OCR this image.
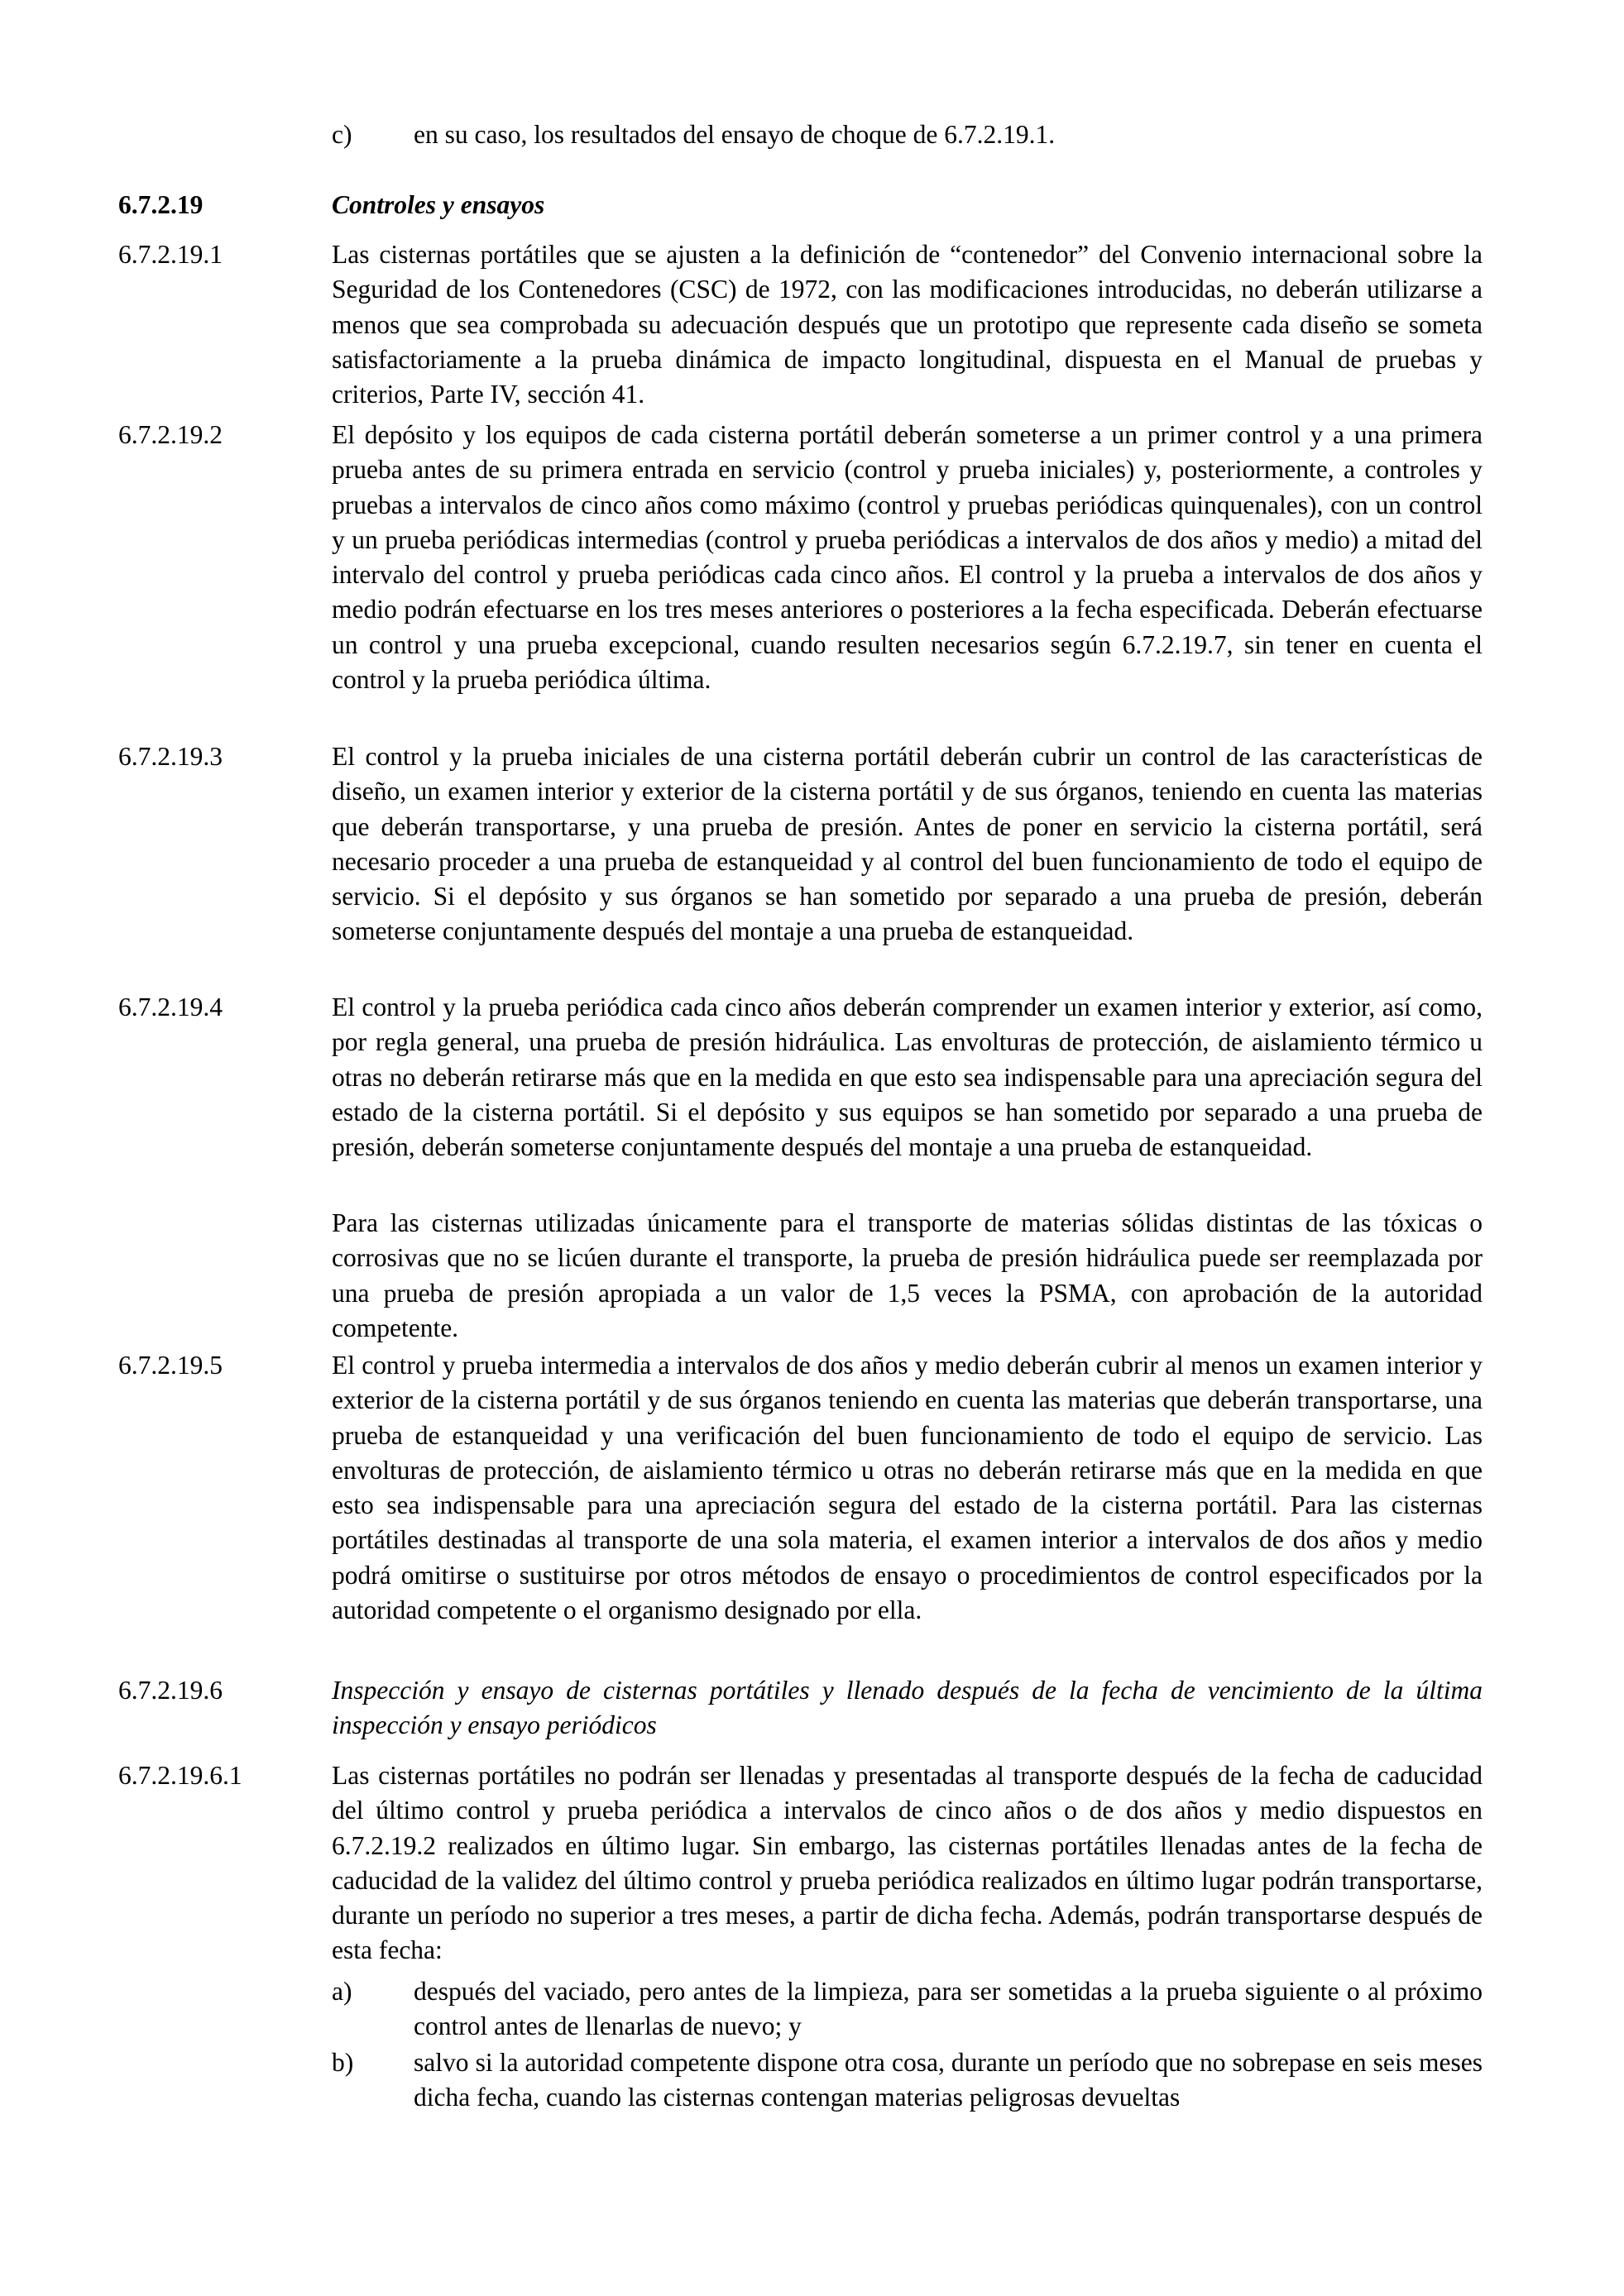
c)	en su caso, los resultados del ensayo de choque de 6.7.2.19.1.
6.7.2.19	Controles y ensayos
6.7.2.19.1	Las cisternas portátiles que se ajusten a la definición de “contenedor” del Convenio internacional sobre la Seguridad de los Contenedores (CSC) de 1972, con las modificaciones introducidas, no deberán utilizarse a menos que sea comprobada su adecuación después que un prototipo que represente cada diseño se someta satisfactoriamente a la prueba dinámica de impacto longitudinal, dispuesta en el Manual de pruebas y criterios, Parte IV, sección 41.
6.7.2.19.2	El depósito y los equipos de cada cisterna portátil deberán someterse a un primer control y a una primera prueba antes de su primera entrada en servicio (control y prueba iniciales) y, posteriormente, a controles y pruebas a intervalos de cinco años como máximo (control y pruebas periódicas quinquenales), con un control y un prueba periódicas intermedias (control y prueba periódicas a intervalos de dos años y medio) a mitad del intervalo del control y prueba periódicas cada cinco años. El control y la prueba a intervalos de dos años y medio podrán efectuarse en los tres meses anteriores o posteriores a la fecha especificada. Deberán efectuarse un control y una prueba excepcional, cuando resulten necesarios según 6.7.2.19.7, sin tener en cuenta el control y la prueba periódica última.
6.7.2.19.3	El control y la prueba iniciales de una cisterna portátil deberán cubrir un control de las características de diseño, un examen interior y exterior de la cisterna portátil y de sus órganos, teniendo en cuenta las materias que deberán transportarse, y una prueba de presión. Antes de poner en servicio la cisterna portátil, será necesario proceder a una prueba de estanqueidad y al control del buen funcionamiento de todo el equipo de servicio. Si el depósito y sus órganos se han sometido por separado a una prueba de presión, deberán someterse conjuntamente después del montaje a una prueba de estanqueidad.
6.7.2.19.4	El control y la prueba periódica cada cinco años deberán comprender un examen interior y exterior, así como, por regla general, una prueba de presión hidráulica. Las envolturas de protección, de aislamiento térmico u otras no deberán retirarse más que en la medida en que esto sea indispensable para una apreciación segura del estado de la cisterna portátil. Si el depósito y sus equipos se han sometido por separado a una prueba de presión, deberán someterse conjuntamente después del montaje a una prueba de estanqueidad.
Para las cisternas utilizadas únicamente para el transporte de materias sólidas distintas de las tóxicas o corrosivas que no se licúen durante el transporte, la prueba de presión hidráulica puede ser reemplazada por una prueba de presión apropiada a un valor de 1,5 veces la PSMA, con aprobación de la autoridad competente.
6.7.2.19.5	El control y prueba intermedia a intervalos de dos años y medio deberán cubrir al menos un examen interior y exterior de la cisterna portátil y de sus órganos teniendo en cuenta las materias que deberán transportarse, una prueba de estanqueidad y una verificación del buen funcionamiento de todo el equipo de servicio. Las envolturas de protección, de aislamiento térmico u otras no deberán retirarse más que en la medida en que esto sea indispensable para una apreciación segura del estado de la cisterna portátil. Para las cisternas portátiles destinadas al transporte de una sola materia, el examen interior a intervalos de dos años y medio podrá omitirse o sustituirse por otros métodos de ensayo o procedimientos de control especificados por la autoridad competente o el organismo designado por ella.
6.7.2.19.6	Inspección y ensayo de cisternas portátiles y llenado después de la fecha de vencimiento de la última inspección y ensayo periódicos
6.7.2.19.6.1	Las cisternas portátiles no podrán ser llenadas y presentadas al transporte después de la fecha de caducidad del último control y prueba periódica a intervalos de cinco años o de dos años y medio dispuestos en 6.7.2.19.2 realizados en último lugar. Sin embargo, las cisternas portátiles llenadas antes de la fecha de caducidad de la validez del último control y prueba periódica realizados en último lugar podrán transportarse, durante un período no superior a tres meses, a partir de dicha fecha. Además, podrán transportarse después de esta fecha:
a)	después del vaciado, pero antes de la limpieza, para ser sometidas a la prueba siguiente o al próximo control antes de llenarlas de nuevo; y
b)	salvo si la autoridad competente dispone otra cosa, durante un período que no sobrepase en seis meses dicha fecha, cuando las cisternas contengan materias peligrosas devueltas
